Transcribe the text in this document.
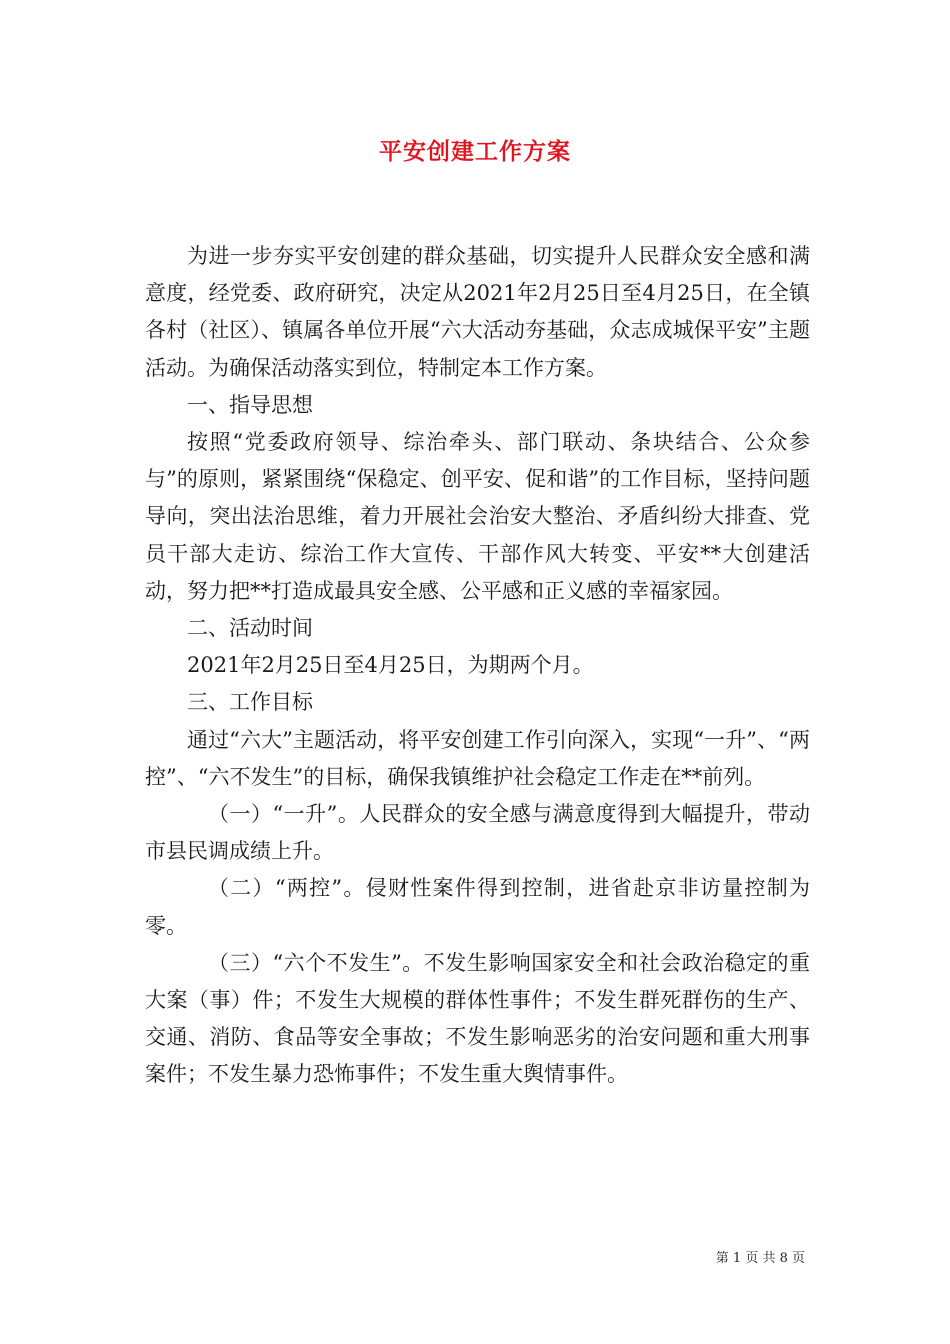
平安创建工作方案

为进一步夯实平安创建的群众基础，切实提升人民群众安全感和满意度，经党委、政府研究，决定从2021年2月25日至4月25日，在全镇各村（社区）、镇属各单位开展“六大活动夯基础，众志成城保平安”主题活动。为确保活动落实到位，特制定本工作方案。

一、指导思想

按照“党委政府领导、综治牵头、部门联动、条块结合、公众参与”的原则，紧紧围绕“保稳定、创平安、促和谐”的工作目标，坚持问题导向，突出法治思维，着力开展社会治安大整治、矛盾纠纷大排查、党员干部大走访、综治工作大宣传、干部作风大转变、平安**大创建活动，努力把**打造成最具安全感、公平感和正义感的幸福家园。

二、活动时间

2021年2月25日至4月25日，为期两个月。

三、工作目标

通过“六大”主题活动，将平安创建工作引向深入，实现“一升”、“两控”、“六不发生”的目标，确保我镇维护社会稳定工作走在**前列。

（一）“一升”。人民群众的安全感与满意度得到大幅提升，带动市县民调成绩上升。

（二）“两控”。侵财性案件得到控制，进省赴京非访量控制为零。

（三）“六个不发生”。不发生影响国家安全和社会政治稳定的重大案（事）件；不发生大规模的群体性事件；不发生群死群伤的生产、交通、消防、食品等安全事故；不发生影响恶劣的治安问题和重大刑事案件；不发生暴力恐怖事件；不发生重大舆情事件。

第 1 页 共 8 页
